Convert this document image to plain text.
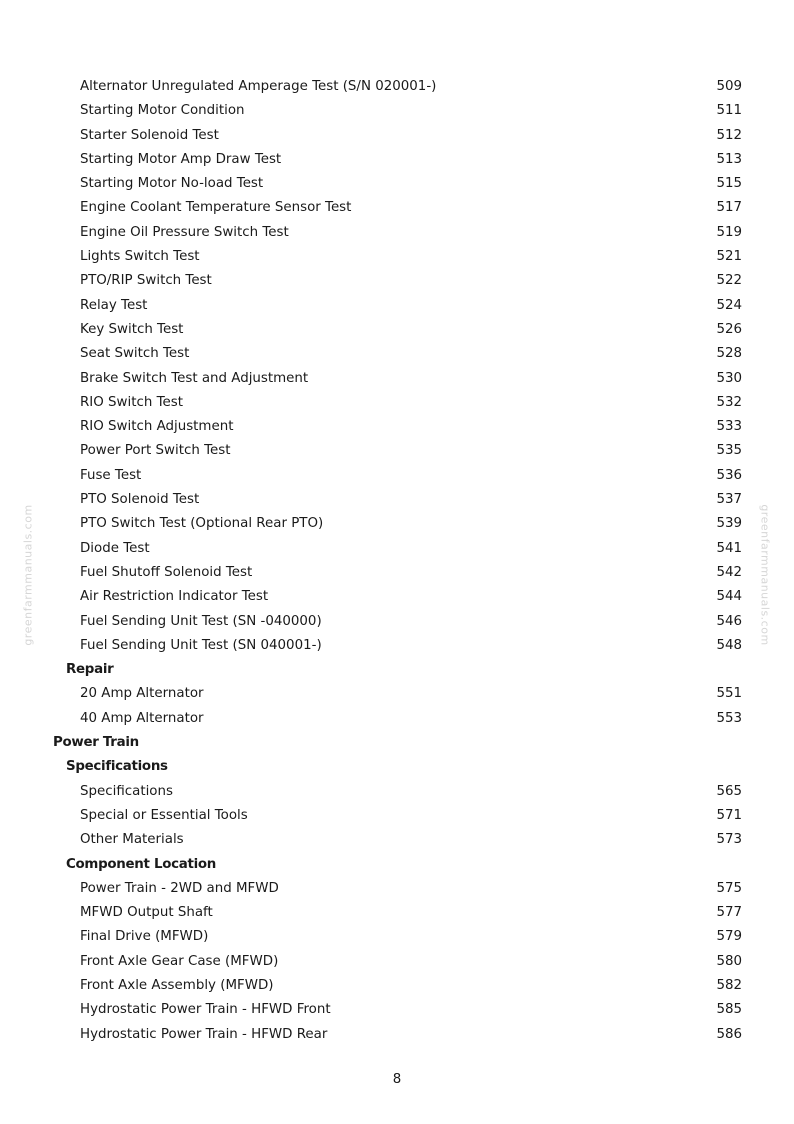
greenfarmmanuals.com	greenfarmmanuals.com
Alternator Unregulated Amperage Test (S/N 020001-)	509
Starting Motor Condition	511
Starter Solenoid Test	512
Starting Motor Amp Draw Test	513
Starting Motor No-load Test	515
Engine Coolant Temperature Sensor Test	517
Engine Oil Pressure Switch Test	519
Lights Switch Test	521
PTO/RIP Switch Test	522
Relay Test	524
Key Switch Test	526
Seat Switch Test	528
Brake Switch Test and Adjustment	530
RIO Switch Test	532
RIO Switch Adjustment	533
Power Port Switch Test	535
Fuse Test	536
PTO Solenoid Test	537
PTO Switch Test (Optional Rear PTO)	539
Diode Test	541
Fuel Shutoff Solenoid Test	542
Air Restriction Indicator Test	544
Fuel Sending Unit Test (SN -040000)	546
Fuel Sending Unit Test (SN 040001-)	548
Repair
20 Amp Alternator	551
40 Amp Alternator	553
Power Train
Specifications
Specifications	565
Special or Essential Tools	571
Other Materials	573
Component Location
Power Train - 2WD and MFWD	575
MFWD Output Shaft	577
Final Drive (MFWD)	579
Front Axle Gear Case (MFWD)	580
Front Axle Assembly (MFWD)	582
Hydrostatic Power Train - HFWD Front	585
Hydrostatic Power Train - HFWD Rear	586
8
